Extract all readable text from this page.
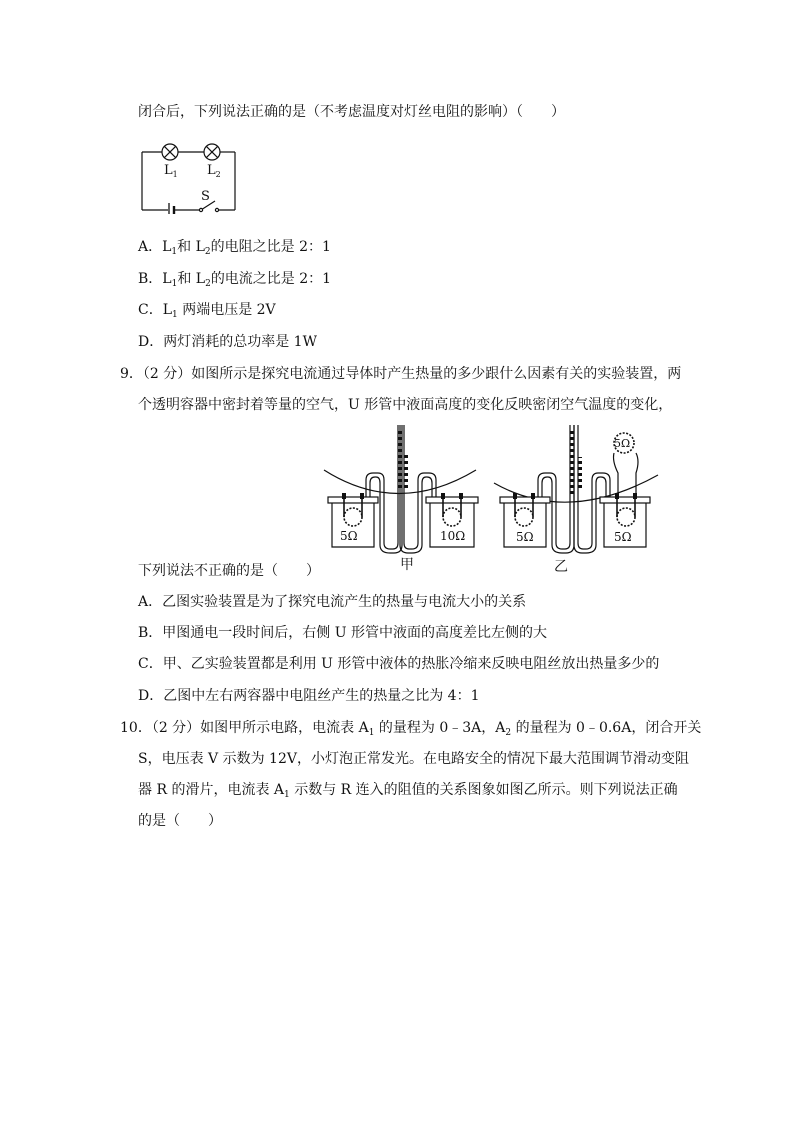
闭合后，下列说法正确的是（不考虑温度对灯丝电阻的影响）（　　）
$L_1$ $L_2$
S
A．$L_1$和 $L_2$的电阻之比是 2：1
B．$L_1$和 $L_2$的电流之比是 2：1
C．$L_1$ 两端电压是 2V
D．两灯消耗的总功率是 1W
9．（2 分）如图所示是探究电流通过导体时产生热量的多少跟什么因素有关的实验装置，两
个透明容器中密封着等量的空气，U 形管中液面高度的变化反映密闭空气温度的变化，
5Ω	10Ω
甲
5Ω	5Ω
5Ω
乙
下列说法不正确的是（　　）
A．乙图实验装置是为了探究电流产生的热量与电流大小的关系
B．甲图通电一段时间后，右侧 U 形管中液面的高度差比左侧的大
C．甲、乙实验装置都是利用 U 形管中液体的热胀冷缩来反映电阻丝放出热量多少的
D．乙图中左右两容器中电阻丝产生的热量之比为 4：1
10．（2 分）如图甲所示电路，电流表 $A_1$ 的量程为 0﹣3A，$A_2$ 的量程为 0﹣0.6A，闭合开关
S，电压表 V 示数为 12V，小灯泡正常发光。在电路安全的情况下最大范围调节滑动变阻
器 R 的滑片，电流表 $A_1$ 示数与 R 连入的阻值的关系图象如图乙所示。则下列说法正确
的是（　　）
